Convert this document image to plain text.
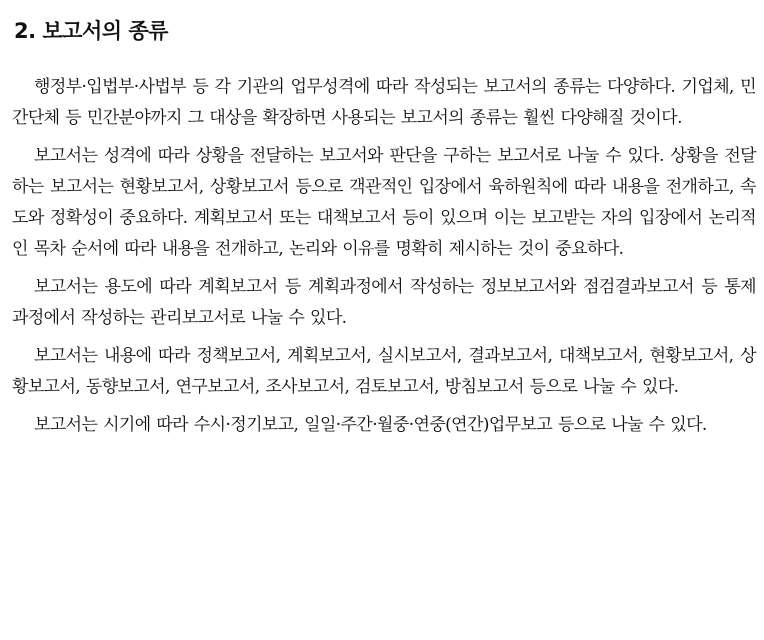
2. 보고서의 종류

행정부·입법부·사법부 등 각 기관의 업무성격에 따라 작성되는 보고서의 종류는 다양하다. 기업체, 민간단체 등 민간분야까지 그 대상을 확장하면 사용되는 보고서의 종류는 훨씬 다양해질 것이다.

보고서는 성격에 따라 상황을 전달하는 보고서와 판단을 구하는 보고서로 나눌 수 있다. 상황을 전달하는 보고서는 현황보고서, 상황보고서 등으로 객관적인 입장에서 육하원칙에 따라 내용을 전개하고, 속도와 정확성이 중요하다. 계획보고서 또는 대책보고서 등이 있으며 이는 보고받는 자의 입장에서 논리적인 목차 순서에 따라 내용을 전개하고, 논리와 이유를 명확히 제시하는 것이 중요하다.

보고서는 용도에 따라 계획보고서 등 계획과정에서 작성하는 정보보고서와 점검결과보고서 등 통제과정에서 작성하는 관리보고서로 나눌 수 있다.

보고서는 내용에 따라 정책보고서, 계획보고서, 실시보고서, 결과보고서, 대책보고서, 현황보고서, 상황보고서, 동향보고서, 연구보고서, 조사보고서, 검토보고서, 방침보고서 등으로 나눌 수 있다.

보고서는 시기에 따라 수시·정기보고, 일일·주간·월중·연중(연간)업무보고 등으로 나눌 수 있다.
